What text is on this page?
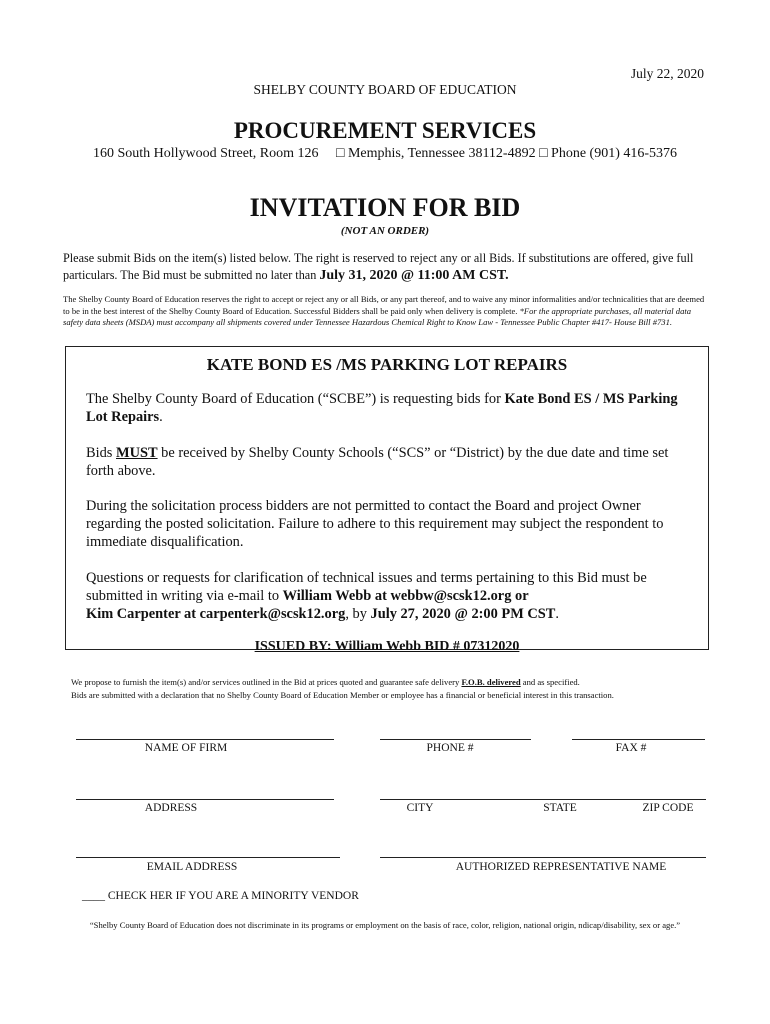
July 22, 2020
SHELBY COUNTY BOARD OF EDUCATION
PROCUREMENT SERVICES
160 South Hollywood Street, Room 126  □ Memphis, Tennessee 38112-4892 □ Phone (901) 416-5376
INVITATION FOR BID
(NOT AN ORDER)
Please submit Bids on the item(s) listed below. The right is reserved to reject any or all Bids. If substitutions are offered, give full particulars. The Bid must be submitted no later than July 31, 2020 @ 11:00 AM CST.
The Shelby County Board of Education reserves the right to accept or reject any or all Bids, or any part thereof, and to waive any minor informalities and/or technicalities that are deemed to be in the best interest of the Shelby County Board of Education. Successful Bidders shall be paid only when delivery is complete. *For the appropriate purchases, all material data safety data sheets (MSDA) must accompany all shipments covered under Tennessee Hazardous Chemical Right to Know Law - Tennessee Public Chapter #417- House Bill #731.
KATE BOND ES /MS PARKING LOT REPAIRS
The Shelby County Board of Education (“SCBE”) is requesting bids for Kate Bond ES / MS Parking Lot Repairs.
Bids MUST be received by Shelby County Schools (“SCS” or “District) by the due date and time set forth above.
During the solicitation process bidders are not permitted to contact the Board and project Owner regarding the posted solicitation. Failure to adhere to this requirement may subject the respondent to immediate disqualification.
Questions or requests for clarification of technical issues and terms pertaining to this Bid must be submitted in writing via e-mail to William Webb at webbw@scsk12.org or
Kim Carpenter at carpenterk@scsk12.org, by July 27, 2020 @ 2:00 PM CST.
ISSUED BY: William Webb BID # 07312020
We propose to furnish the item(s) and/or services outlined in the Bid at prices quoted and guarantee safe delivery F.O.B. delivered and as specified.
Bids are submitted with a declaration that no Shelby County Board of Education Member or employee has a financial or beneficial interest in this transaction.
NAME OF FIRM	PHONE #	FAX #
ADDRESS	CITY	STATE	ZIP CODE
EMAIL ADDRESS	AUTHORIZED REPRESENTATIVE NAME
____ CHECK HER IF YOU ARE A MINORITY VENDOR
“Shelby County Board of Education does not discriminate in its programs or employment on the basis of race, color, religion, national origin, ndicap/disability, sex or age.”
